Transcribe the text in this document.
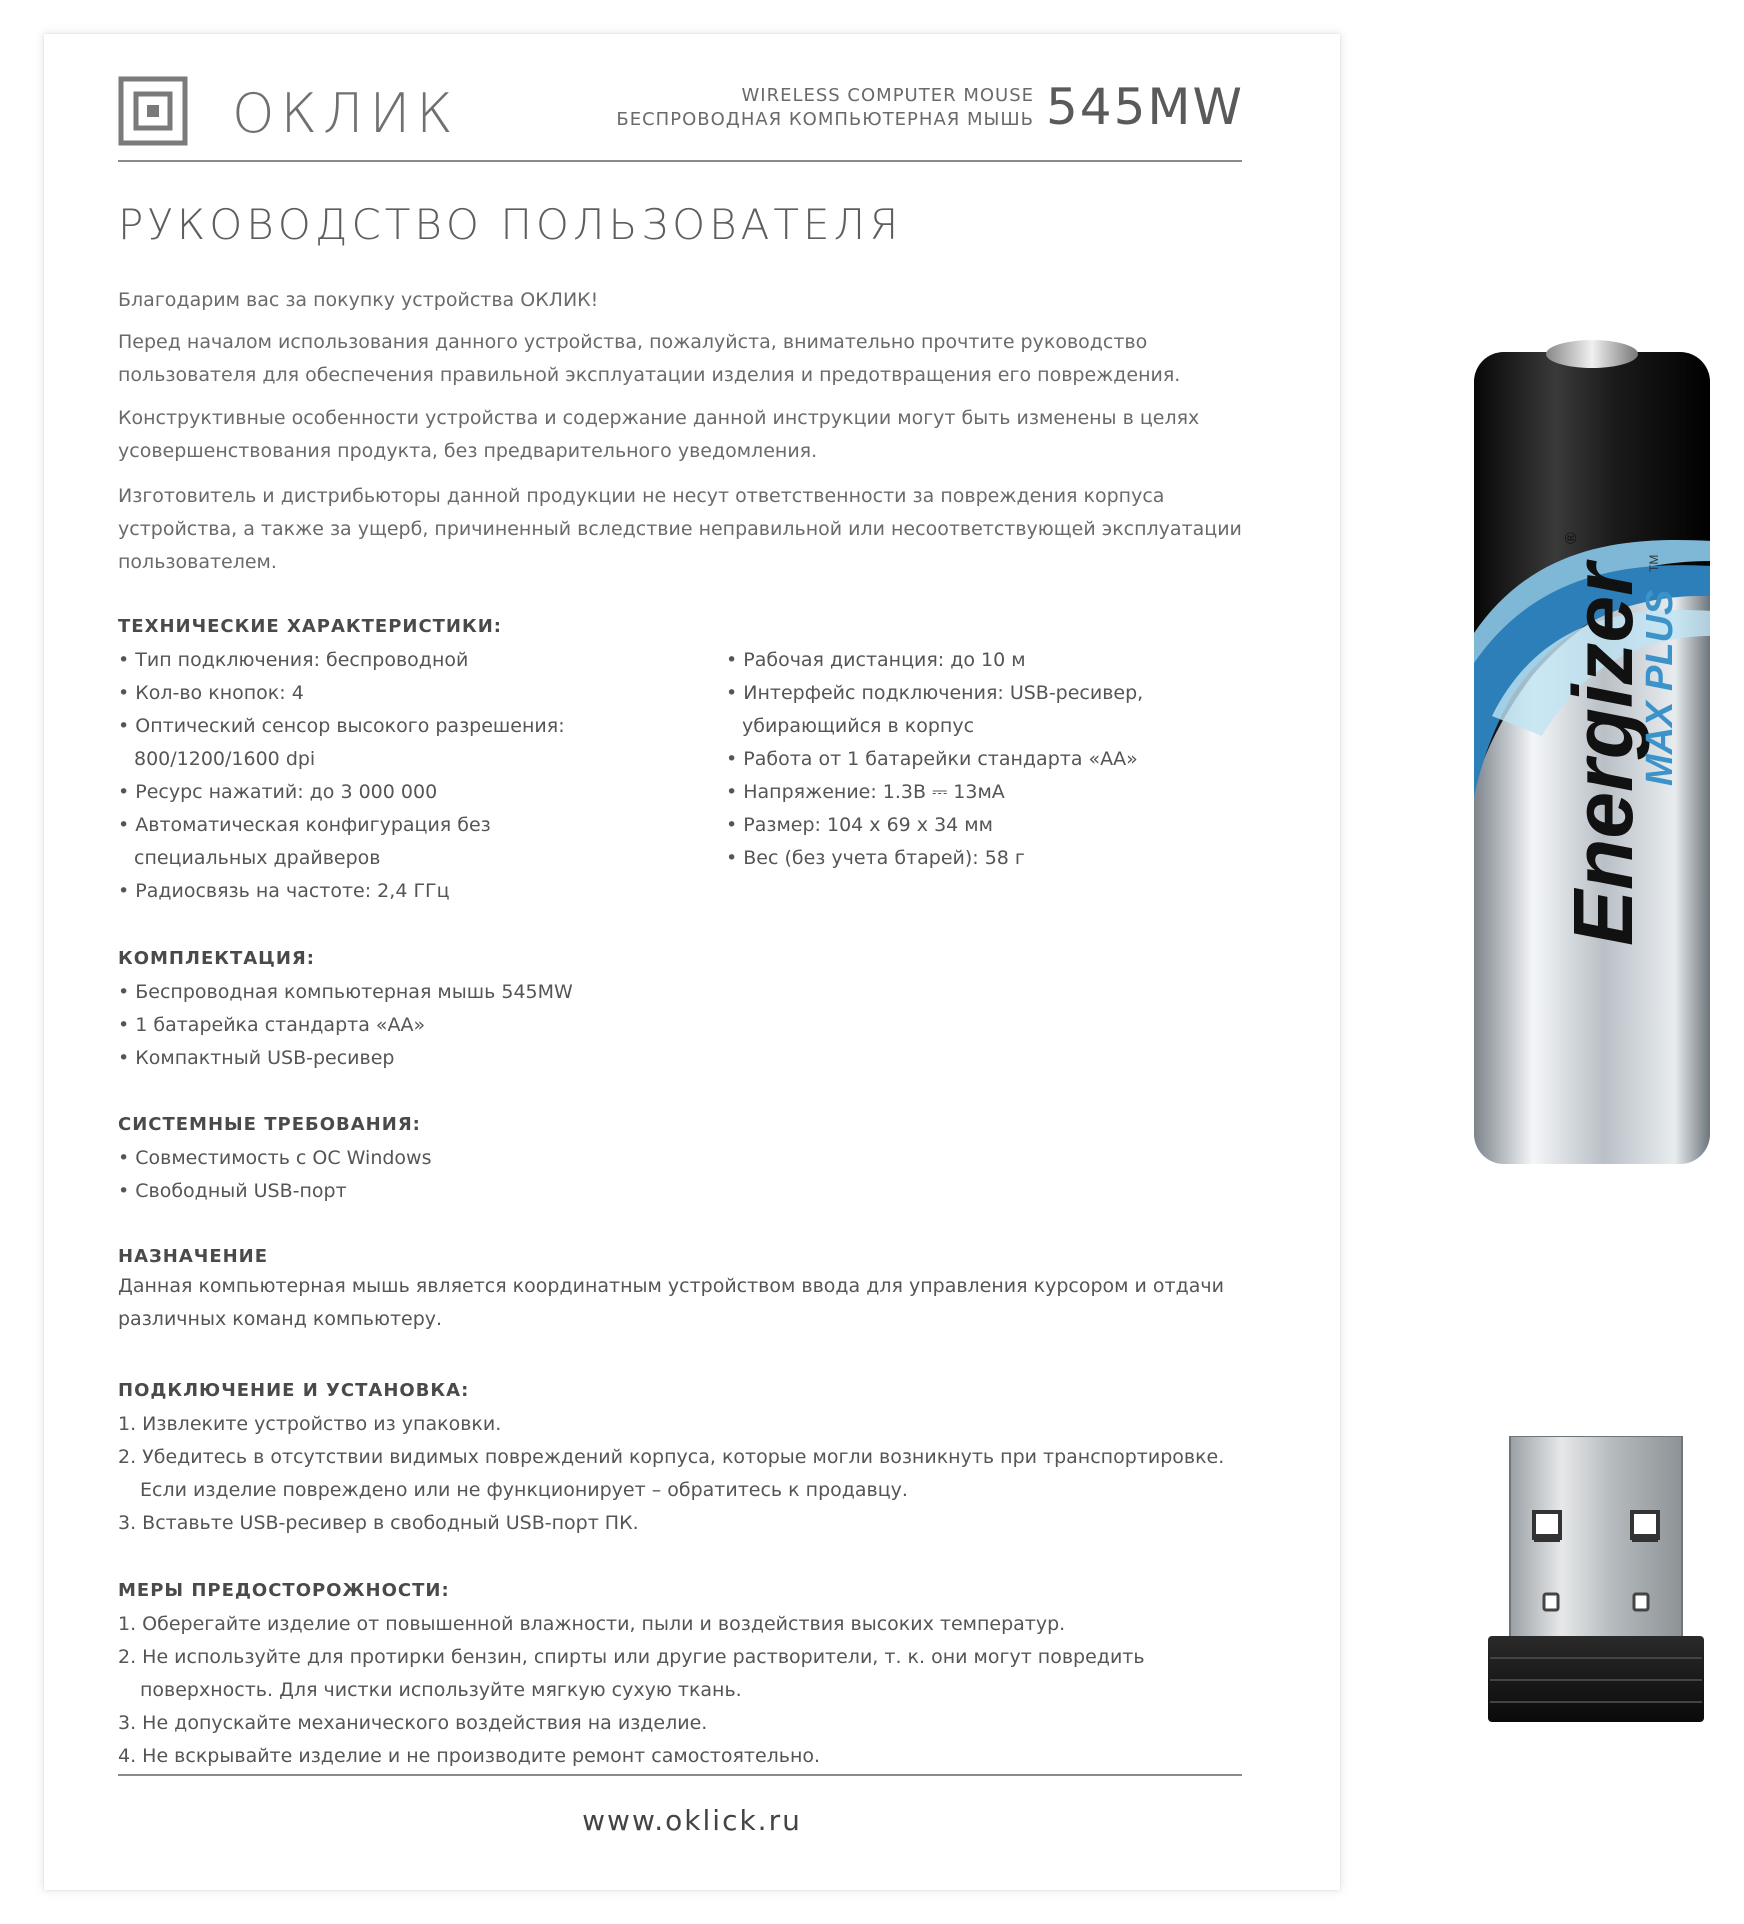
ОКЛИК	WIRELESS COMPUTER MOUSE
БЕСПРОВОДНАЯ КОМПЬЮТЕРНАЯ МЫШЬ 545MW
РУКОВОДСТВО ПОЛЬЗОВАТЕЛЯ

Благодарим вас за покупку устройства ОКЛИК!

Перед началом использования данного устройства, пожалуйста, внимательно прочтите руководство пользователя для обеспечения правильной эксплуатации изделия и предотвращения его повреждения.

Конструктивные особенности устройства и содержание данной инструкции могут быть изменены в целях усовершенствования продукта, без предварительного уведомления.

Изготовитель и дистрибьюторы данной продукции не несут ответственности за повреждения корпуса устройства, а также за ущерб, причиненный вследствие неправильной или несоответствующей эксплуатации пользователем.

ТЕХНИЧЕСКИЕ ХАРАКТЕРИСТИКИ:
• Тип подключения: беспроводной
• Кол-во кнопок: 4
• Оптический сенсор высокого разрешения: 800/1200/1600 dpi
• Ресурс нажатий: до 3 000 000
• Автоматическая конфигурация без специальных драйверов
• Радиосвязь на частоте: 2,4 ГГц
• Рабочая дистанция: до 10 м
• Интерфейс подключения: USB-ресивер, убирающийся в корпус
• Работа от 1 батарейки стандарта «АА»
• Напряжение: 1.3В ⎓ 13мА
• Размер: 104 x 69 x 34 мм
• Вес (без учета бтарей): 58 г
КОМПЛЕКТАЦИЯ:
• Беспроводная компьютерная мышь 545MW
• 1 батарейка стандарта «АА»
• Компактный USB-ресивер
СИСТЕМНЫЕ ТРЕБОВАНИЯ:
• Совместимость с ОС Windows
• Свободный USB-порт
НАЗНАЧЕНИЕ

Данная компьютерная мышь является координатным устройством ввода для управления курсором и отдачи различных команд компьютеру.

ПОДКЛЮЧЕНИЕ И УСТАНОВКА:
1. Извлеките устройство из упаковки.
2. Убедитесь в отсутствии видимых повреждений корпуса, которые могли возникнуть при транспортировке. Если изделие повреждено или не функционирует – обратитесь к продавцу.
3. Вставьте USB-ресивер в свободный USB-порт ПК.
МЕРЫ ПРЕДОСТОРОЖНОСТИ:
1. Оберегайте изделие от повышенной влажности, пыли и воздействия высоких температур.
2. Не используйте для протирки бензин, спирты или другие растворители, т. к. они могут повредить поверхность. Для чистки используйте мягкую сухую ткань.
3. Не допускайте механического воздействия на изделие.
4. Не вскрывайте изделие и не производите ремонт самостоятельно.
www.oklick.ru
Energizer
®
MAX PLUS
TM
